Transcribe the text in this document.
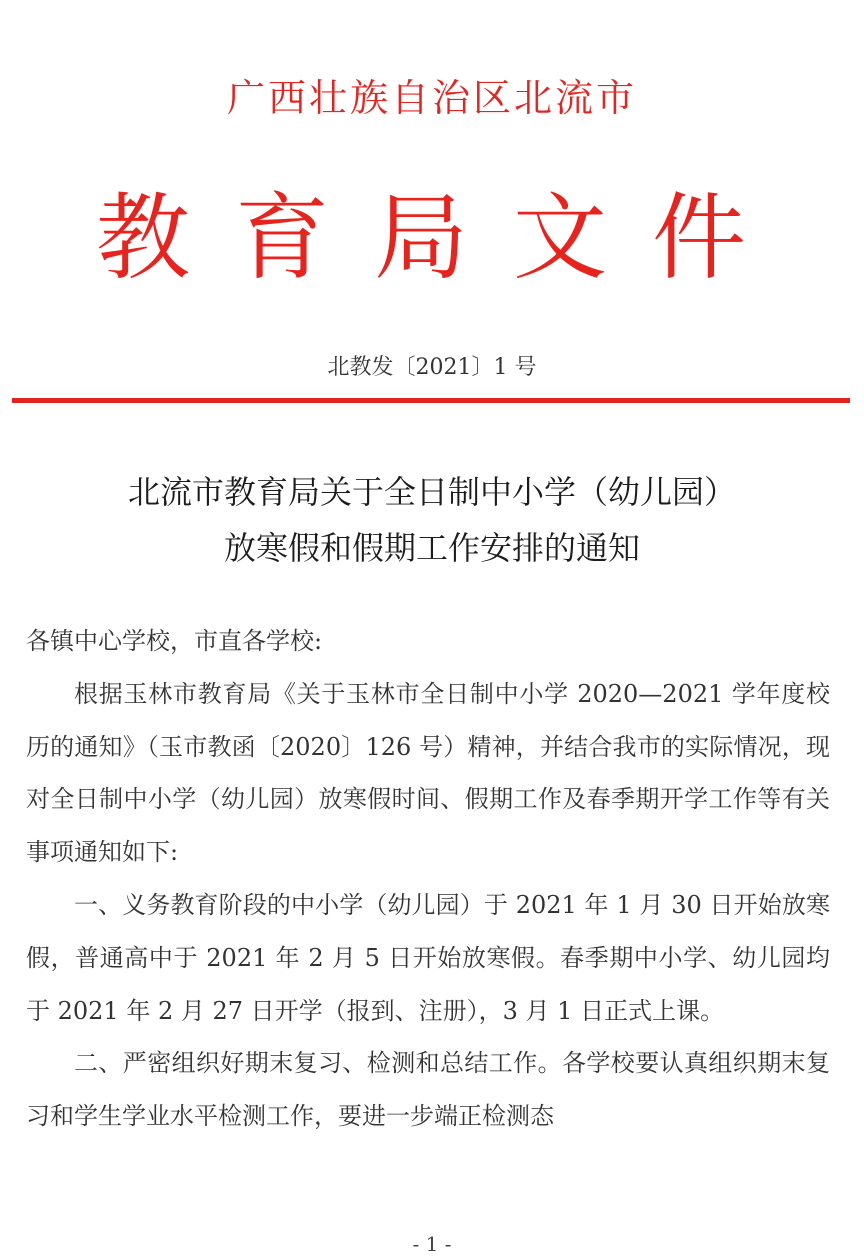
广西壮族自治区北流市
教 育 局 文 件
北教发〔2021〕1 号
北流市教育局关于全日制中小学（幼儿园）
放寒假和假期工作安排的通知

各镇中心学校，市直各学校:

根据玉林市教育局《关于玉林市全日制中小学 2020—2021 学年度校历的通知》（玉市教函〔2020〕126 号）精神，并结合我市的实际情况，现对全日制中小学（幼儿园）放寒假时间、假期工作及春季期开学工作等有关事项通知如下:

一、义务教育阶段的中小学（幼儿园）于 2021 年 1 月 30 日开始放寒假，普通高中于 2021 年 2 月 5 日开始放寒假。春季期中小学、幼儿园均于 2021 年 2 月 27 日开学（报到、注册），3 月 1 日正式上课。

二、严密组织好期末复习、检测和总结工作。各学校要认真组织期末复习和学生学业水平检测工作，要进一步端正检测态

- 1 -
